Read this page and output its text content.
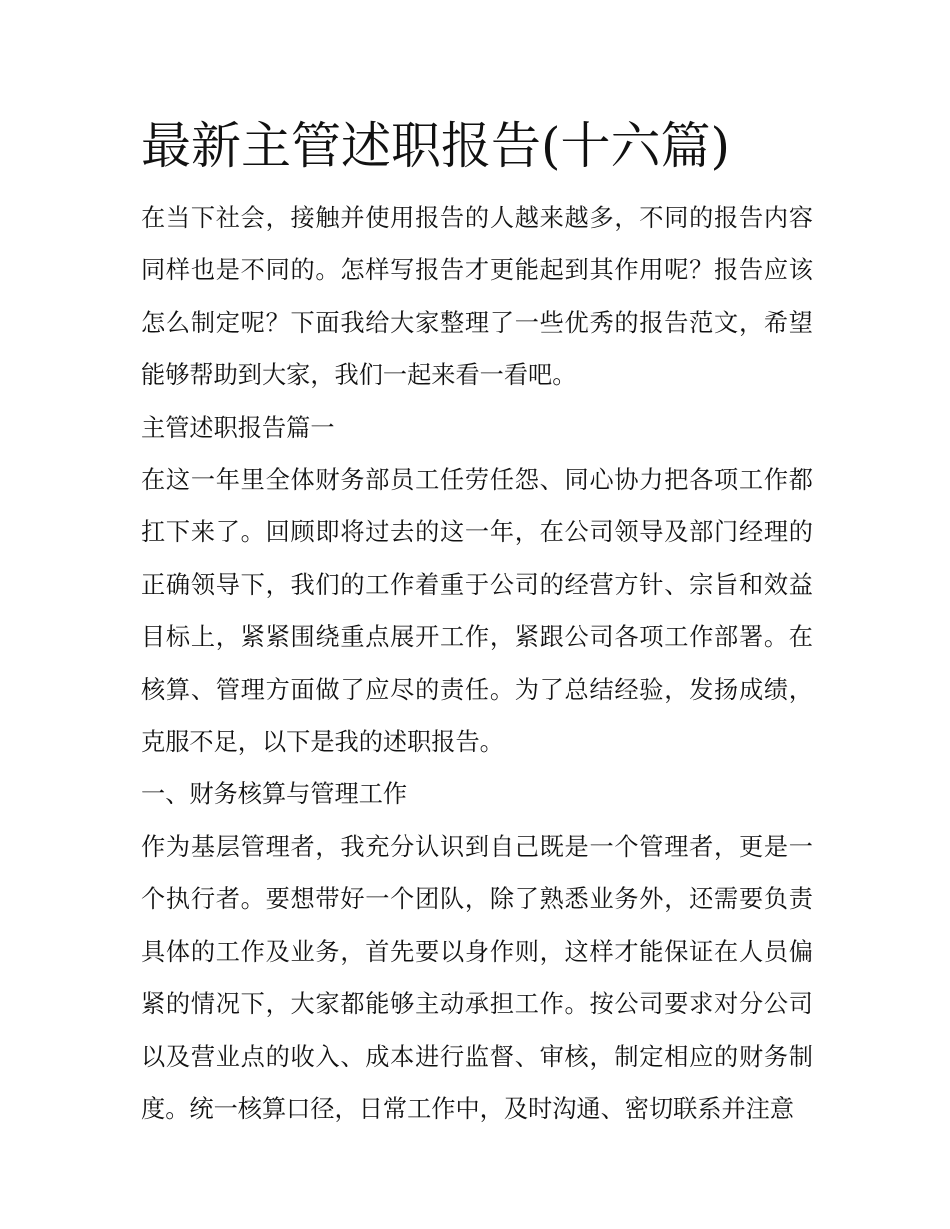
最新主管述职报告(十六篇)

在当下社会，接触并使用报告的人越来越多，不同的报告内容同样也是不同的。怎样写报告才更能起到其作用呢？报告应该怎么制定呢？下面我给大家整理了一些优秀的报告范文，希望能够帮助到大家，我们一起来看一看吧。

主管述职报告篇一

在这一年里全体财务部员工任劳任怨、同心协力把各项工作都扛下来了。回顾即将过去的这一年，在公司领导及部门经理的正确领导下，我们的工作着重于公司的经营方针、宗旨和效益目标上，紧紧围绕重点展开工作，紧跟公司各项工作部署。在核算、管理方面做了应尽的责任。为了总结经验，发扬成绩，克服不足，以下是我的述职报告。

一、财务核算与管理工作

作为基层管理者，我充分认识到自己既是一个管理者，更是一个执行者。要想带好一个团队，除了熟悉业务外，还需要负责具体的工作及业务，首先要以身作则，这样才能保证在人员偏紧的情况下，大家都能够主动承担工作。按公司要求对分公司以及营业点的收入、成本进行监督、审核，制定相应的财务制度。统一核算口径，日常工作中，及时沟通、密切联系并注意
